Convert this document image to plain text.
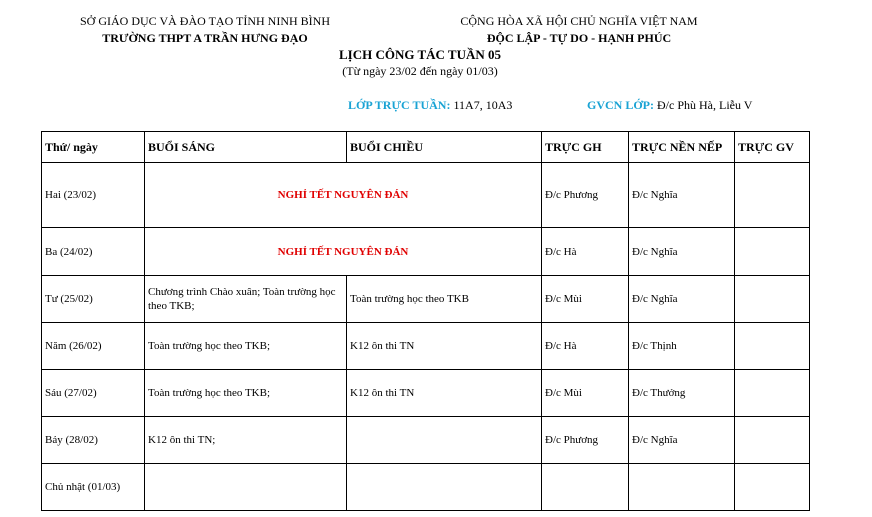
SỞ GIÁO DỤC VÀ ĐÀO TẠO TỈNH NINH BÌNH
TRƯỜNG THPT A TRẦN HƯNG ĐẠO
CỘNG HÒA XÃ HỘI CHỦ NGHĨA VIỆT NAM
ĐỘC LẬP - TỰ DO - HẠNH PHÚC
LỊCH CÔNG TÁC TUẦN 05
(Từ ngày 23/02 đến ngày 01/03)
LỚP TRỰC TUẦN: 11A7, 10A3	GVCN LỚP: Đ/c Phù Hà, Liễu V
Thứ/ ngày	BUỔI SÁNG	BUỔI CHIỀU	TRỰC GH	TRỰC NỀN NẾP	TRỰC GV
Hai (23/02)	NGHỈ TẾT NGUYÊN ĐÁN		Đ/c Phương	Đ/c Nghĩa	
Ba (24/02)	NGHỈ TẾT NGUYÊN ĐÁN		Đ/c Hà	Đ/c Nghĩa	
Tư (25/02)	Chương trình Chào xuân; Toàn trường học theo TKB;	Toàn trường học theo TKB	Đ/c Mùi	Đ/c Nghĩa	
Năm (26/02)	Toàn trường học theo TKB;	K12 ôn thi TN	Đ/c Hà	Đ/c Thịnh	
Sáu (27/02)	Toàn trường học theo TKB;	K12 ôn thi TN	Đ/c Mùi	Đ/c Thưởng	
Bảy (28/02)	K12 ôn thi TN;		Đ/c Phương	Đ/c Nghĩa	
Chủ nhật (01/03)					
